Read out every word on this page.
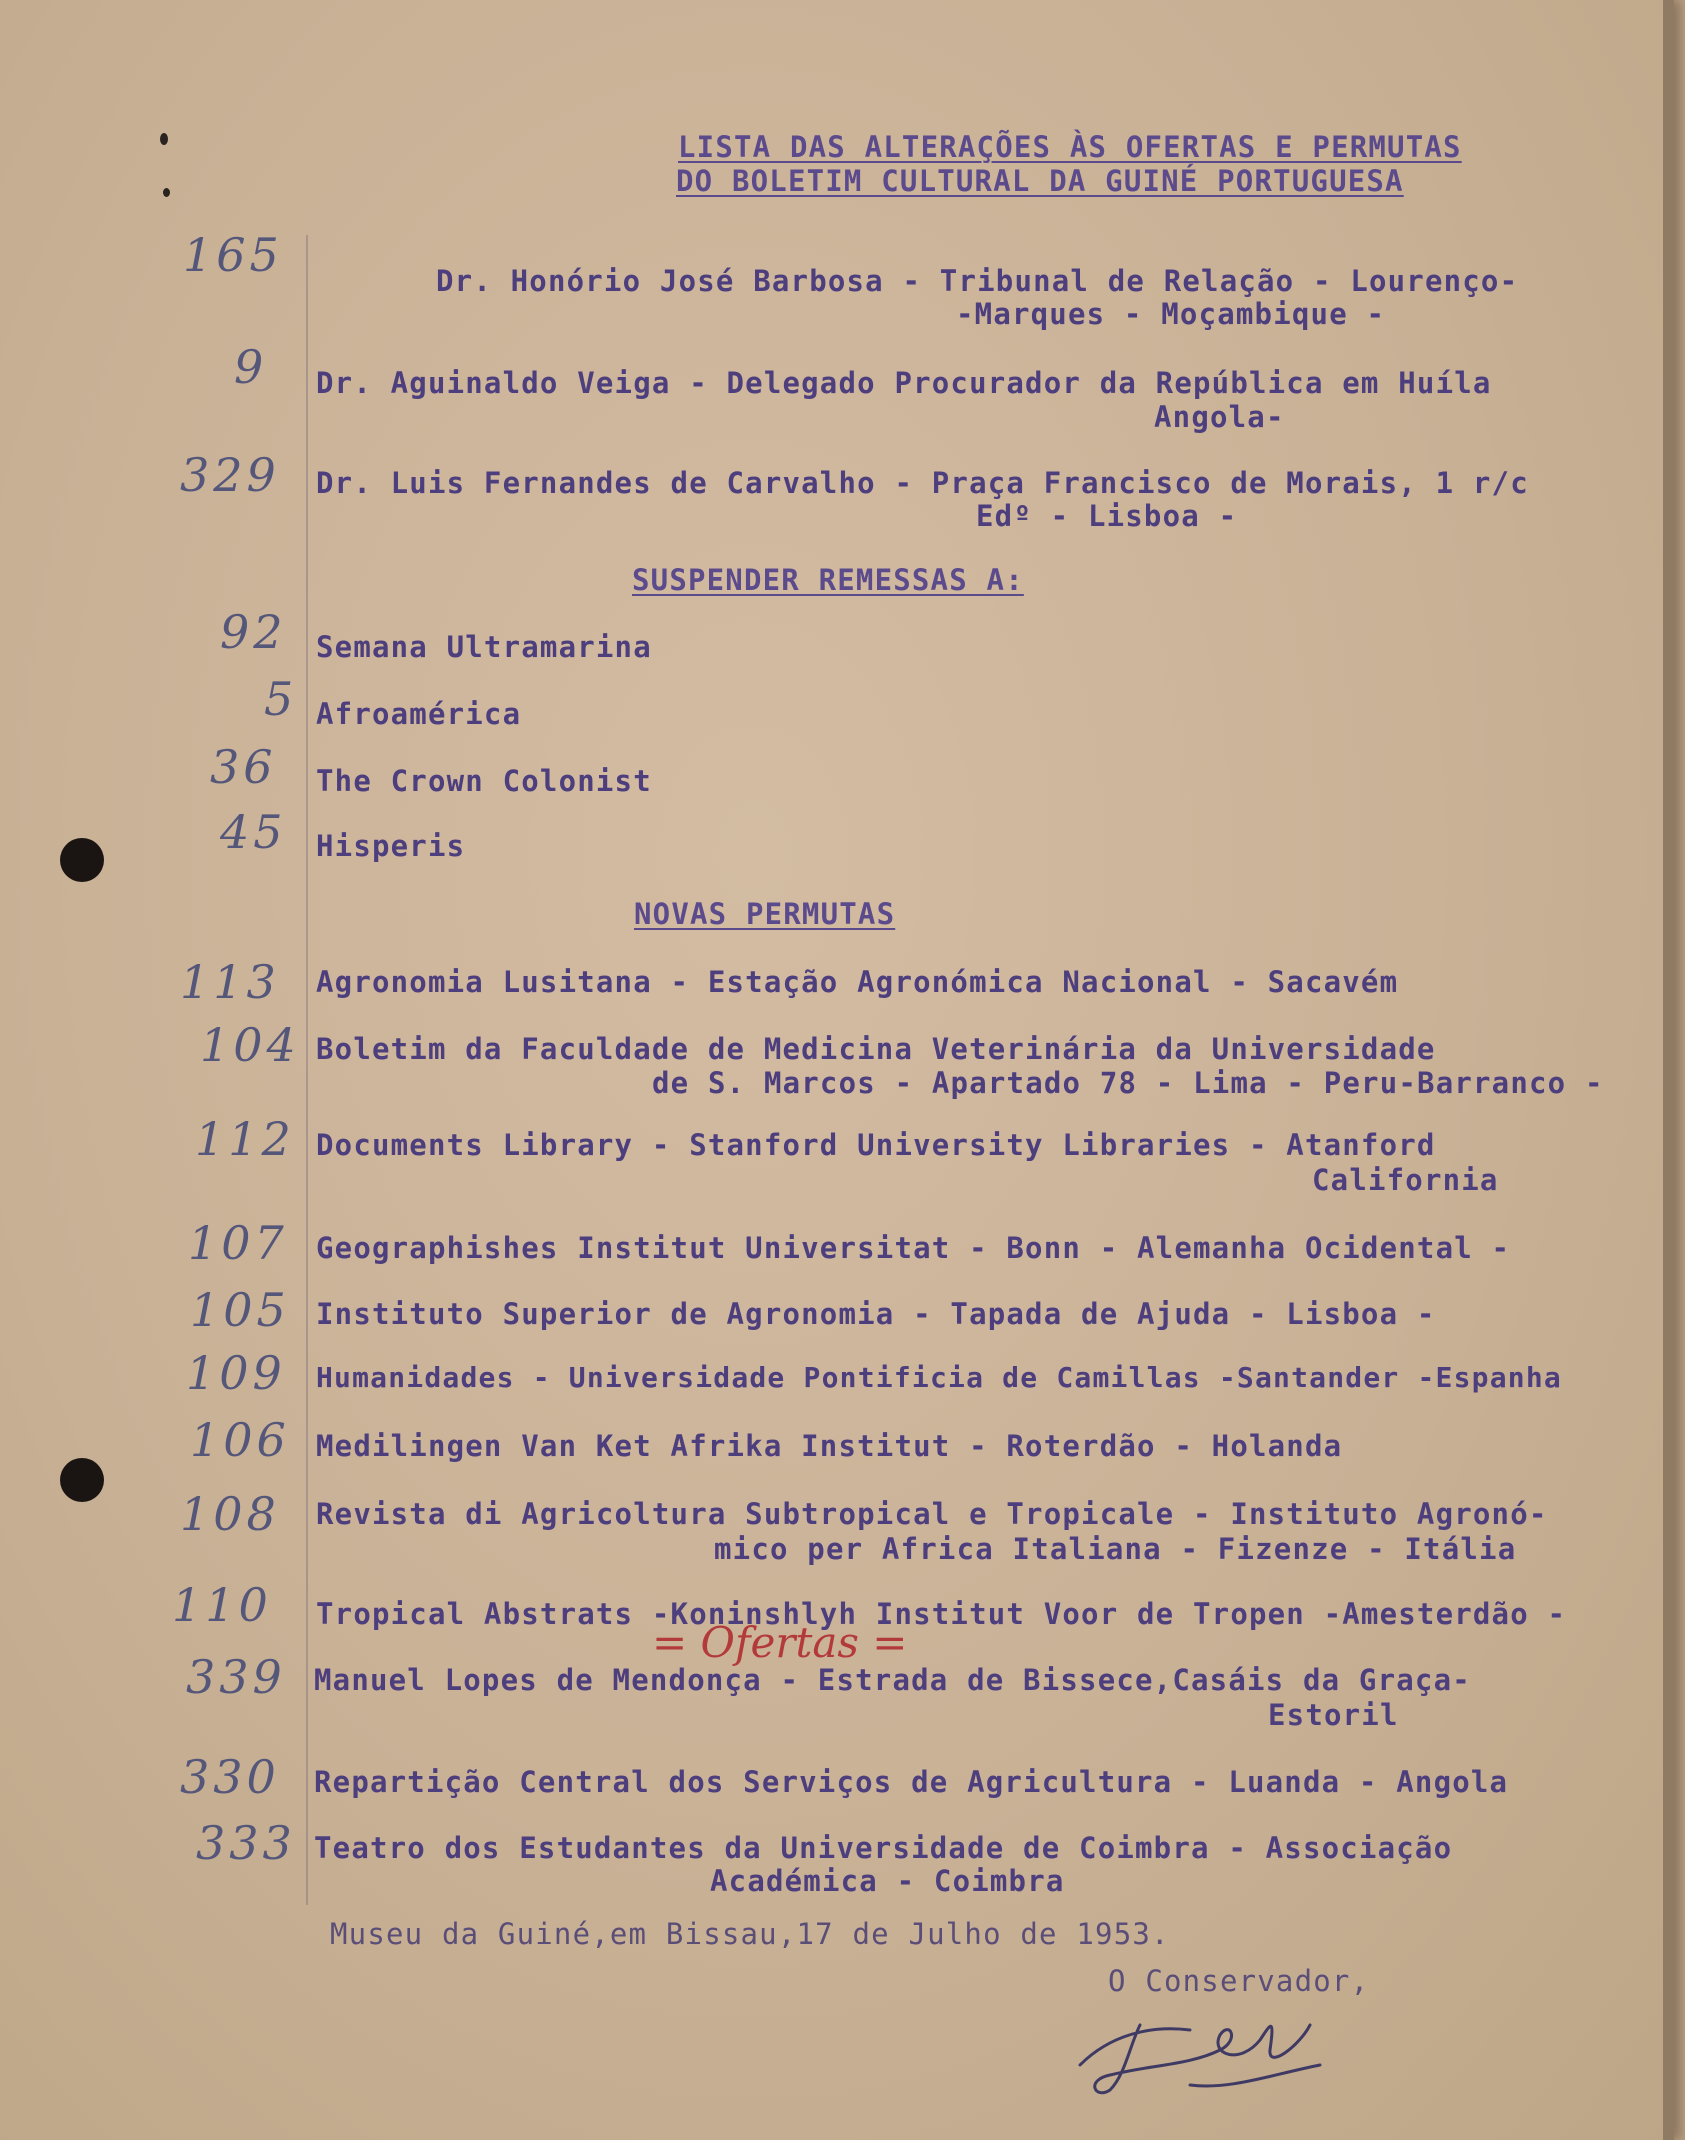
LISTA DAS ALTERAÇÕES ÀS OFERTAS E PERMUTAS
DO BOLETIM CULTURAL DA GUINÉ PORTUGUESA
165	Dr. Honório José Barbosa - Tribunal de Relação - Lourenço-
-Marques - Moçambique -
9 Dr. Aguinaldo Veiga - Delegado Procurador da República em Huíla
Angola-
329 Dr. Luis Fernandes de Carvalho - Praça Francisco de Morais, 1 r/c
Edº - Lisboa -
SUSPENDER REMESSAS A:
92 Semana Ultramarina
5 Afroamérica
36 The Crown Colonist
45 Hisperis
NOVAS PERMUTAS
113 Agronomia Lusitana - Estação Agronómica Nacional - Sacavém
104 Boletim da Faculdade de Medicina Veterinária da Universidade
de S. Marcos - Apartado 78 - Lima - Peru-Barranco -
112 Documents Library - Stanford University Libraries - Atanford
California
107 Geographishes Institut Universitat - Bonn - Alemanha Ocidental -
105 Instituto Superior de Agronomia - Tapada de Ajuda - Lisboa -
109 Humanidades - Universidade Pontificia de Camillas -Santander -Espanha
106 Medilingen Van Ket Afrika Institut - Roterdão - Holanda
108 Revista di Agricoltura Subtropical e Tropicale - Instituto Agronó-
mico per Africa Italiana - Fizenze - Itália
110 Tropical Abstrats -Koninshlyh Institut Voor de Tropen -Amesterdão -
= Ofertas =
339 Manuel Lopes de Mendonça - Estrada de Bissece,Casáis da Graça-
Estoril
330 Repartição Central dos Serviços de Agricultura - Luanda - Angola
333 Teatro dos Estudantes da Universidade de Coimbra - Associação
Académica - Coimbra
Museu da Guiné,em Bissau,17 de Julho de 1953.
O Conservador,
